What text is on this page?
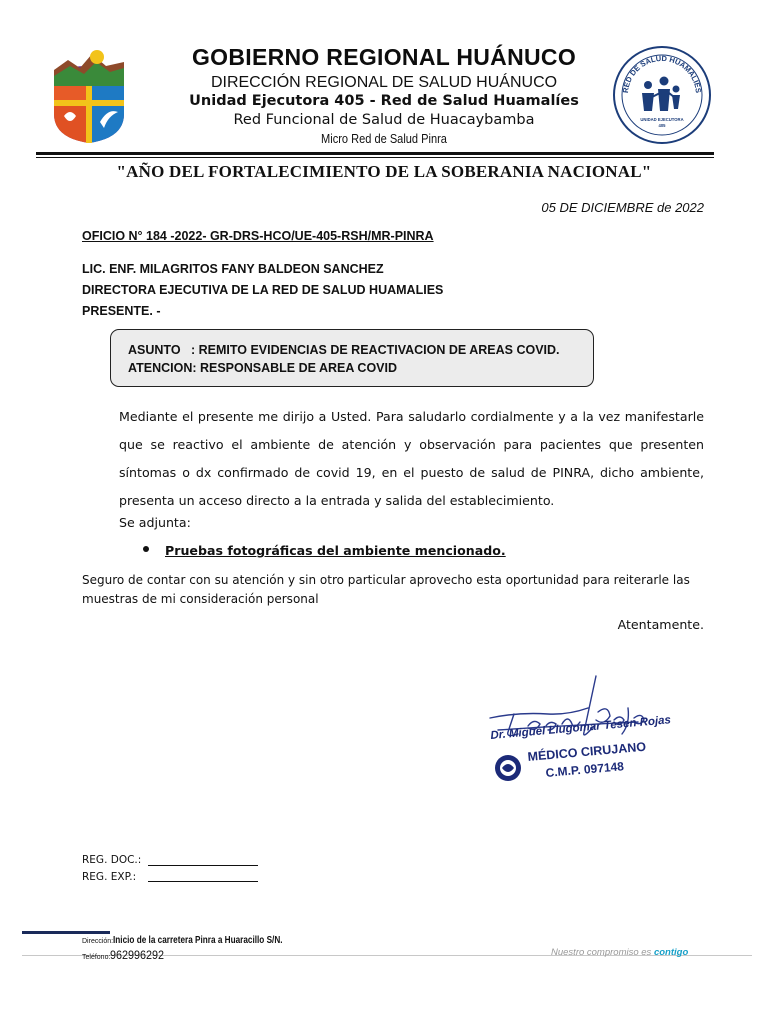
GOBIERNO REGIONAL HUÁNUCO
DIRECCIÓN REGIONAL DE SALUD HUÁNUCO
Unidad Ejecutora 405 - Red de Salud Huamalíes
Red Funcional de Salud de Huacaybamba
Micro Red de Salud Pinra
RED DE SALUD HUAMALIES
UNIDAD EJECUTORA
405
"AÑO DEL FORTALECIMIENTO DE LA SOBERANIA NACIONAL"
05 DE DICIEMBRE de 2022
OFICIO N° 184 -2022- GR-DRS-HCO/UE-405-RSH/MR-PINRA
LIC. ENF. MILAGRITOS FANY BALDEON SANCHEZ
DIRECTORA EJECUTIVA DE LA RED DE SALUD HUAMALIES
PRESENTE. -
ASUNTO   : REMITO EVIDENCIAS DE REACTIVACION DE AREAS COVID.
ATENCION: RESPONSABLE DE AREA COVID

Mediante el presente me dirijo a Usted. Para saludarlo cordialmente y a la vez manifestarle que se reactivo el ambiente de atención y observación para pacientes que presenten síntomas o dx confirmado de covid 19, en el puesto de salud de PINRA, dicho ambiente, presenta un acceso directo a la entrada y salida del establecimiento.

Se adjunta:
Pruebas fotográficas del ambiente mencionado.

Seguro de contar con su atención y sin otro particular aprovecho esta oportunidad para reiterarle las muestras de mi consideración personal

Atentamente.
Dr. Miguel Llugomar Tesen Rojas
MÉDICO CIRUJANO
C.M.P. 097148
REG. DOC.:
REG. EXP.:
Dirección:Inicio de la carretera Pinra a Huaracillo S/N.
Teléfono:962996292	Nuestro compromiso es contigo
